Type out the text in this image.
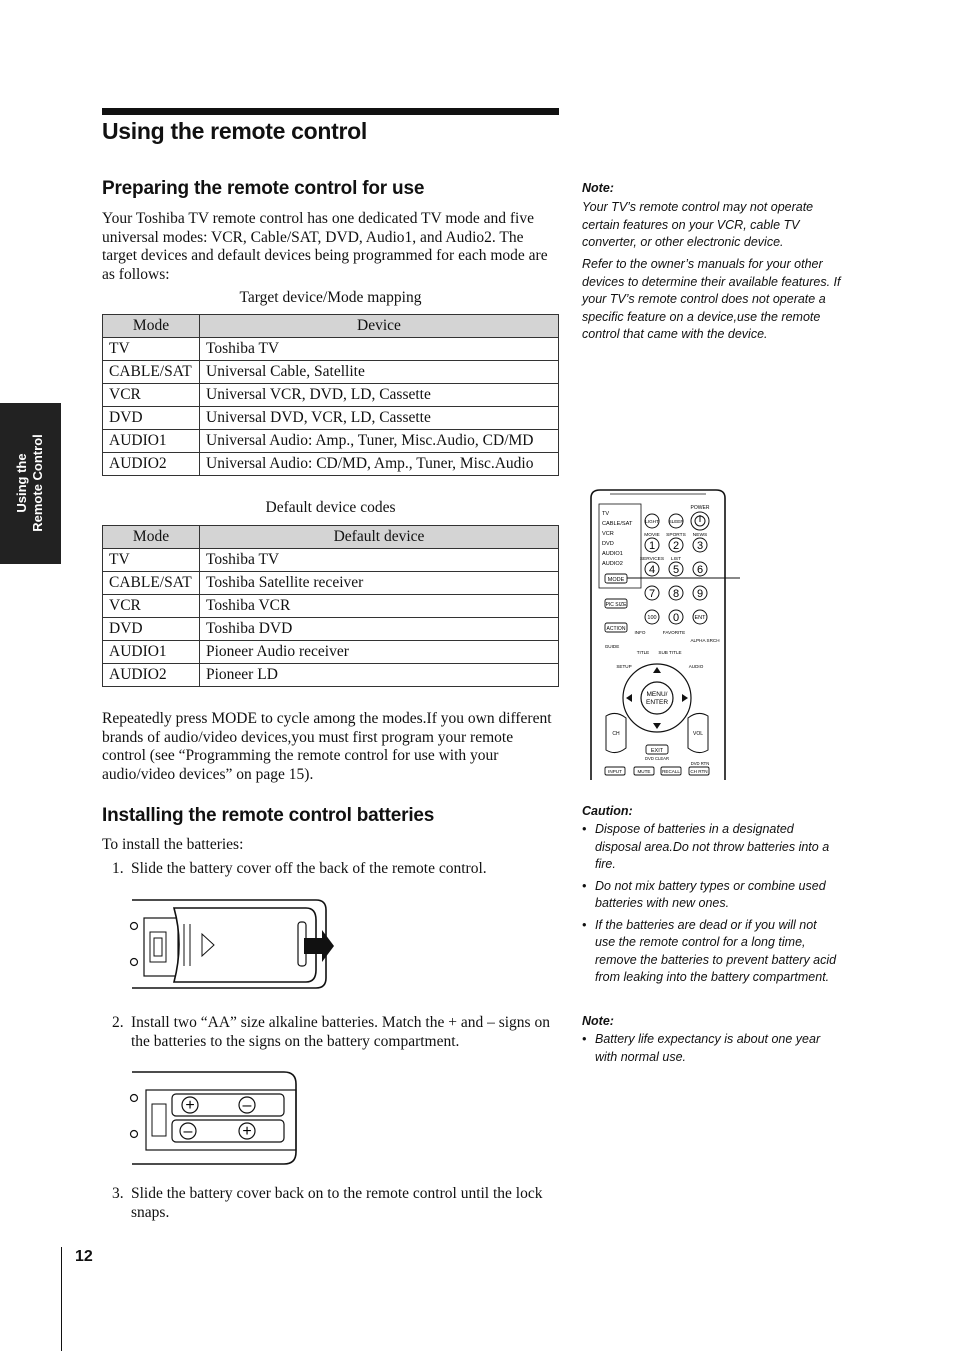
Using the remote control
Using the Remote Control
Preparing the remote control for use
Your Toshiba TV remote control has one dedicated TV mode and five universal modes: VCR, Cable/SAT, DVD, Audio1, and Audio2. The target devices and default devices being programmed for each mode are as follows:
Target device/Mode mapping
Mode	Device
TV	Toshiba TV
CABLE/SAT	Universal Cable, Satellite
VCR	Universal VCR, DVD, LD, Cassette
DVD	Universal DVD, VCR, LD, Cassette
AUDIO1	Universal Audio: Amp., Tuner, Misc.Audio, CD/MD
AUDIO2	Universal Audio: CD/MD, Amp., Tuner, Misc.Audio
Default device codes
Mode	Default device
TV	Toshiba TV
CABLE/SAT	Toshiba Satellite receiver
VCR	Toshiba VCR
DVD	Toshiba DVD
AUDIO1	Pioneer Audio receiver
AUDIO2	Pioneer LD
Repeatedly press MODE to cycle among the modes.If you own different brands of audio/video devices,you must first program your remote control (see “Programming the remote control for use with your audio/video devices” on page 15).
Installing the remote control batteries
To install the batteries:
1. Slide the battery cover off the back of the remote control.
2. Install two “AA” size alkaline batteries. Match the + and – signs on the batteries to the signs on the battery compartment.
+	–
–	+
3. Slide the battery cover back on to the remote control until the lock snaps.
Note:
Your TV’s remote control may not operate certain features on your VCR, cable TV converter, or other electronic device.
Refer to the owner’s manuals for your other devices to determine their available features. If your TV’s remote control does not operate a specific feature on a device,use the remote control that came with the device.
TV
CABLE/SAT
VCR
DVD
AUDIO1
AUDIO2
MODE
POWER
LIGHT SLEEP
MOVIE SPORTS NEWS
SERVICES LIST
1 2 3
4 5 6
7 8 9
0
100	ENT
PIC SIZE
ACTION
INFO	FAVORITE
ALPHA SRCH
GUIDE
TITLE SUB TITLE
SETUP	AUDIO
MENU/
ENTER
CH	VOL
EXIT
DVD CLEAR
DVD RTN
INPUT	MUTE	RECALL CH RTN
Caution:
• Dispose of batteries in a designated disposal area.Do not throw batteries into a fire.
• Do not mix battery types or combine used batteries with new ones.
• If the batteries are dead or if you will not use the remote control for a long time, remove the batteries to prevent battery acid from leaking into the battery compartment.
Note:
• Battery life expectancy is about one year with normal use.
12
